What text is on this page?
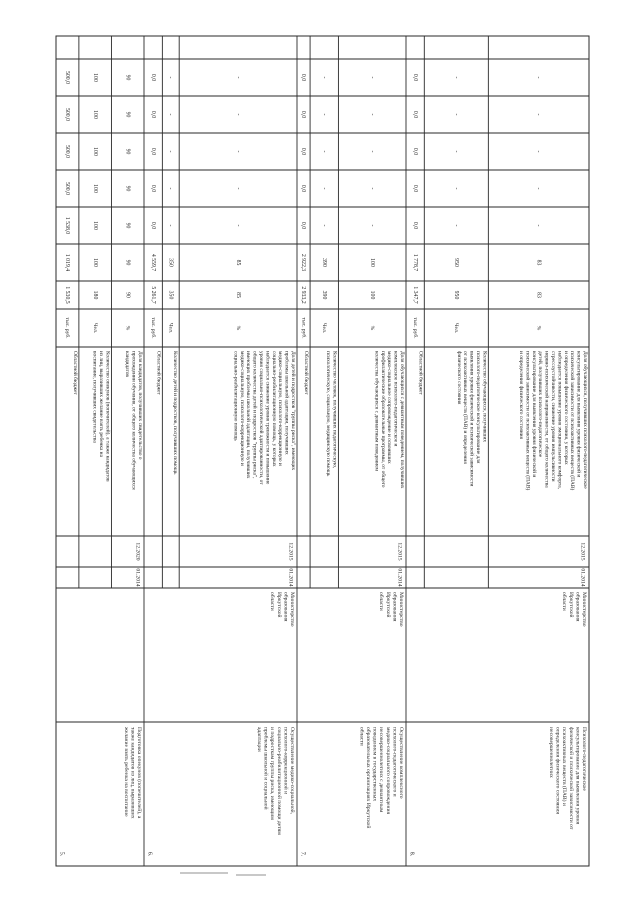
5.
Подготовка опекунов (попечителей), атакже кандидатов из лиц, выразившихжелание взять ребенка на воспитание
01.2014
12.2020
Областной бюджет
тыс. руб.
1 530,5
1 019,4
1 538,0
500,0
500,0
500,0
500,0
Количество опекунов (попечителей), а также кандидатовиз лиц, выразивших желание взять ребенка навоспитание, получивших свидетельства
Чел.
180
100
100
100
100
100
100
Доля кандидатов, получивших свидетельство опрохождении обучения, от общего количества обучающихсякандидатов
%
90
90
90
90
90
90
90
6.
Осуществление медико-социальной,психолого-коррекционной исоциально-реабилитационной помощи детями подросткам группы риска, имеющимпроблемы школьной и социальнойадаптации
МинистерствообразованияИркутскойобласти
01.2014
12.2015
Областной бюджет
тыс. руб.
5 261,7
4 559,7
0,0
0,0
0,0
0,0
0,0
Количество детей и подростков, получивших помощь
Чел.
350
350
-
-
-
-
-
Доля детей и подростков "группы риска", имеющихпроблемы школьной адаптации, получившихмедико-социальную, психолого-коррекционную исоциально-реабилитационную помощь, у которыхнаблюдается снижение уровня тревожности и повышениеуровня социально-психологической адаптированности, отобщего количества детей и подростков "группы риска",имеющих проблемы школьной адаптации, получившихмедико-социальную, психолого-коррекционную исоциально-реабилитационную помощь
%
85
85
-
-
-
-
-
7.
Осуществление комплексногопсихолого-педагогического имедико-социального сопровождениянесовершеннолетних с девиантнымповедением в государственныхобразовательных организациях Иркутскойобласти
МинистерствообразованияИркутскойобласти
01.2014
12.2015
Областной бюджет
тыс. руб.
2 933,2
2 922,3
0,0
0,0
0,0
0,0
0,0
Количество человек, получивших педагогическую,психологическую, социальную, медицинскую помощь
Чел.
390
390
-
-
-
-
-
Доля обучающихся с девиантным поведением, получившихкомплексное психолого-педагогическое имедико-социальное сопровождение и освоившихпрофилактические образовательные программы, от общегоколичества обучающихся с девиантным поведением
%
100
100
-
-
-
-
-
8.
Психолого-педагогическоеконсультирование для выявления уровняфизической и психической зависимости отпсихоактивных веществ (ПАВ) иопределения физического состояниянесовершеннолетних
МинистерствообразованияИркутскойобласти
01.2014
12.2015
Областной бюджет
тыс. руб.
1 347,7
1 778,7
0,0
0,0
0,0
0,0
0,0
Количество обучающихся, получившихпсихолого-педагогическое консультирование длявыявления уровня физической и психической зависимостиот психоактивных веществ (ПАВ) и определенияфизического состояния
Чел.
950
950
-
-
-
-
-
Доля обучающихся, получивших психолого-педагогическоеконсультирование для выявления уровня физической ипсихической зависимости от психоактивных веществ (ПАВ)и определения физического состояния, у которыхнаблюдается повышение уровня эмоционального комфорта,стрессоустойчивости, снижение уровня импульсивностинервно-психической напряженности, от общего количествадетей, получивших психолого-педагогическоеконсультирование для выявления уровня физической ипсихической зависимости от психоактивных веществ (ПАВ)и определения физического состояния
%
83
83
-
-
-
-
-
